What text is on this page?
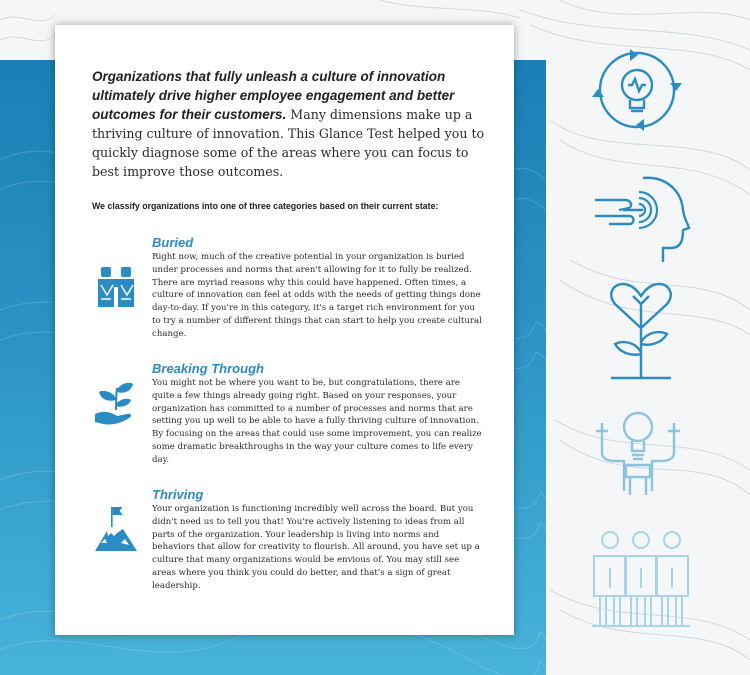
Organizations that fully unleash a culture of innovation ultimately drive higher employee engagement and better outcomes for their customers. Many dimensions make up a thriving culture of innovation. This Glance Test helped you to quickly diagnose some of the areas where you can focus to best improve those outcomes.

We classify organizations into one of three categories based on their current state:

Buried

Right now, much of the creative potential in your organization is buried under processes and norms that aren't allowing for it to fully be realized. There are myriad reasons why this could have happened. Often times, a culture of innovation can feel at odds with the needs of getting things done day-to-day. If you're in this category, it's a target rich environment for you to try a number of different things that can start to help you create cultural change.

Breaking Through

You might not be where you want to be, but congratulations, there are quite a few things already going right. Based on your responses, your organization has committed to a number of processes and norms that are setting you up well to be able to have a fully thriving culture of innovation. By focusing on the areas that could use some improvement, you can realize some dramatic breakthroughs in the way your culture comes to life every day.

Thriving

Your organization is functioning incredibly well across the board. But you didn't need us to tell you that! You're actively listening to ideas from all parts of the organization. Your leadership is living into norms and behaviors that allow for creativity to flourish. All around, you have set up a culture that many organizations would be envious of. You may still see areas where you think you could do better, and that's a sign of great leadership.
